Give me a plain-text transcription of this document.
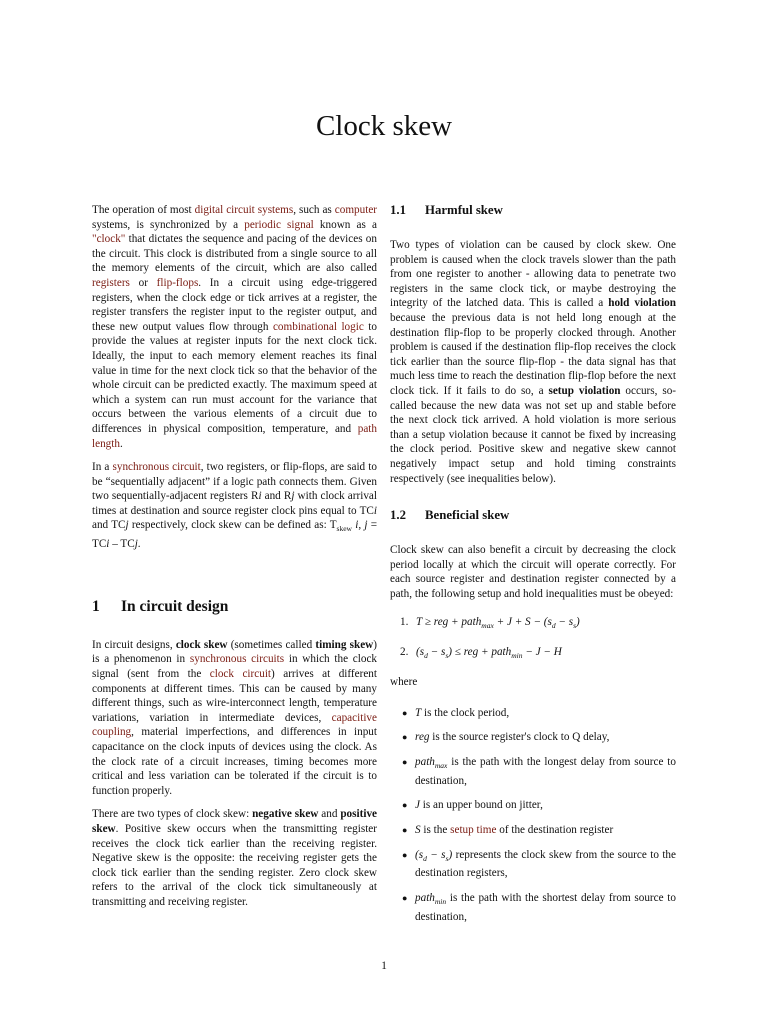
Clock skew

The operation of most digital circuit systems, such as computer systems, is synchronized by a periodic signal known as a "clock" that dictates the sequence and pacing of the devices on the circuit. This clock is distributed from a single source to all the memory elements of the circuit, which are also called registers or flip-flops. In a circuit using edge-triggered registers, when the clock edge or tick arrives at a register, the register transfers the register input to the register output, and these new output values flow through combinational logic to provide the values at register inputs for the next clock tick. Ideally, the input to each memory element reaches its final value in time for the next clock tick so that the behavior of the whole circuit can be predicted exactly. The maximum speed at which a system can run must account for the variance that occurs between the various elements of a circuit due to differences in physical composition, temperature, and path length.

In a synchronous circuit, two registers, or flip-flops, are said to be “sequentially adjacent” if a logic path connects them. Given two sequentially-adjacent registers Ri and Rj with clock arrival times at destination and source register clock pins equal to TCi and TCj respectively, clock skew can be defined as: $T_{skew}$ i, j = TCi – TCj.

1 In circuit design

In circuit designs, clock skew (sometimes called timing skew) is a phenomenon in synchronous circuits in which the clock signal (sent from the clock circuit) arrives at different components at different times. This can be caused by many different things, such as wire-interconnect length, temperature variations, variation in intermediate devices, capacitive coupling, material imperfections, and differences in input capacitance on the clock inputs of devices using the clock. As the clock rate of a circuit increases, timing becomes more critical and less variation can be tolerated if the circuit is to function properly.

There are two types of clock skew: negative skew and positive skew. Positive skew occurs when the transmitting register receives the clock tick earlier than the receiving register. Negative skew is the opposite: the receiving register gets the clock tick earlier than the sending register. Zero clock skew refers to the arrival of the clock tick simultaneously at transmitting and receiving register.

1.1 Harmful skew

Two types of violation can be caused by clock skew. One problem is caused when the clock travels slower than the path from one register to another - allowing data to penetrate two registers in the same clock tick, or maybe destroying the integrity of the latched data. This is called a hold violation because the previous data is not held long enough at the destination flip-flop to be properly clocked through. Another problem is caused if the destination flip-flop receives the clock tick earlier than the source flip-flop - the data signal has that much less time to reach the destination flip-flop before the next clock tick. If it fails to do so, a setup violation occurs, so-called because the new data was not set up and stable before the next clock tick arrived. A hold violation is more serious than a setup violation because it cannot be fixed by increasing the clock period. Positive skew and negative skew cannot negatively impact setup and hold timing constraints respectively (see inequalities below).

1.2 Beneficial skew

Clock skew can also benefit a circuit by decreasing the clock period locally at which the circuit will operate correctly. For each source register and destination register connected by a path, the following setup and hold inequalities must be obeyed:

1. T ≥ reg + path$_{max}$ + $J + S - (s_d - s_s)$
2. $(s_d - s_s)$ ≤ reg + path$_{min}$ − J − H

where

● T is the clock period,
● reg is the source register's clock to Q delay,
● path$_{max}$ is the path with the longest delay from source to destination,
● J is an upper bound on jitter,
● S is the setup time of the destination register
● $(s_d - s_s)$ represents the clock skew from the source to the destination registers,
● path$_{min}$ is the path with the shortest delay from source to destination,
1
